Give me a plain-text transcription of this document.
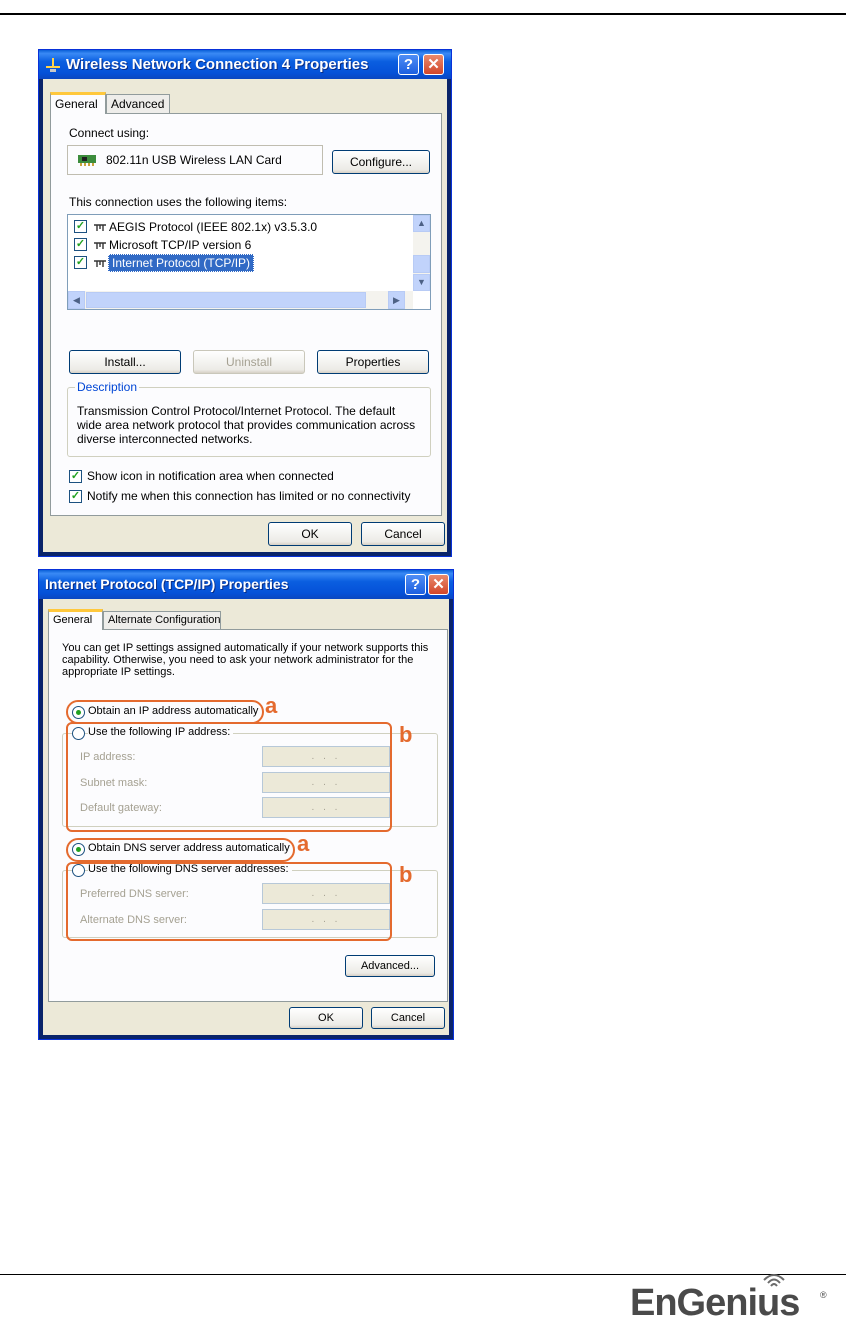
Wireless Network Connection 4 Properties	? ✕
General	Advanced
Connect using:
802.11n USB Wireless LAN Card	Configure...
This connection uses the following items:
✓ AEGIS Protocol (IEEE 802.1x) v3.5.3.0
✓ Microsoft TCP/IP version 6
✓	Internet Protocol (TCP/IP)
▲
▼
◀	▶
Install...	Uninstall	Properties
Description
Transmission Control Protocol/Internet Protocol. The default wide area network protocol that provides communication across diverse interconnected networks.
✓ Show icon in notification area when connected
✓ Notify me when this connection has limited or no connectivity
OK	Cancel
Internet Protocol (TCP/IP) Properties	? ✕
General	Alternate Configuration
You can get IP settings assigned automatically if your network supports this capability. Otherwise, you need to ask your network administrator for the appropriate IP settings.
Obtain an IP address automatically
Use the following IP address:
IP address:	. . .
Subnet mask:	. . .
Default gateway:	. . .
Obtain DNS server address automatically
Use the following DNS server addresses:
Preferred DNS server:	. . .
Alternate DNS server:	. . .
Advanced...
OK	Cancel
a
b
a
b
EnGenius ®
